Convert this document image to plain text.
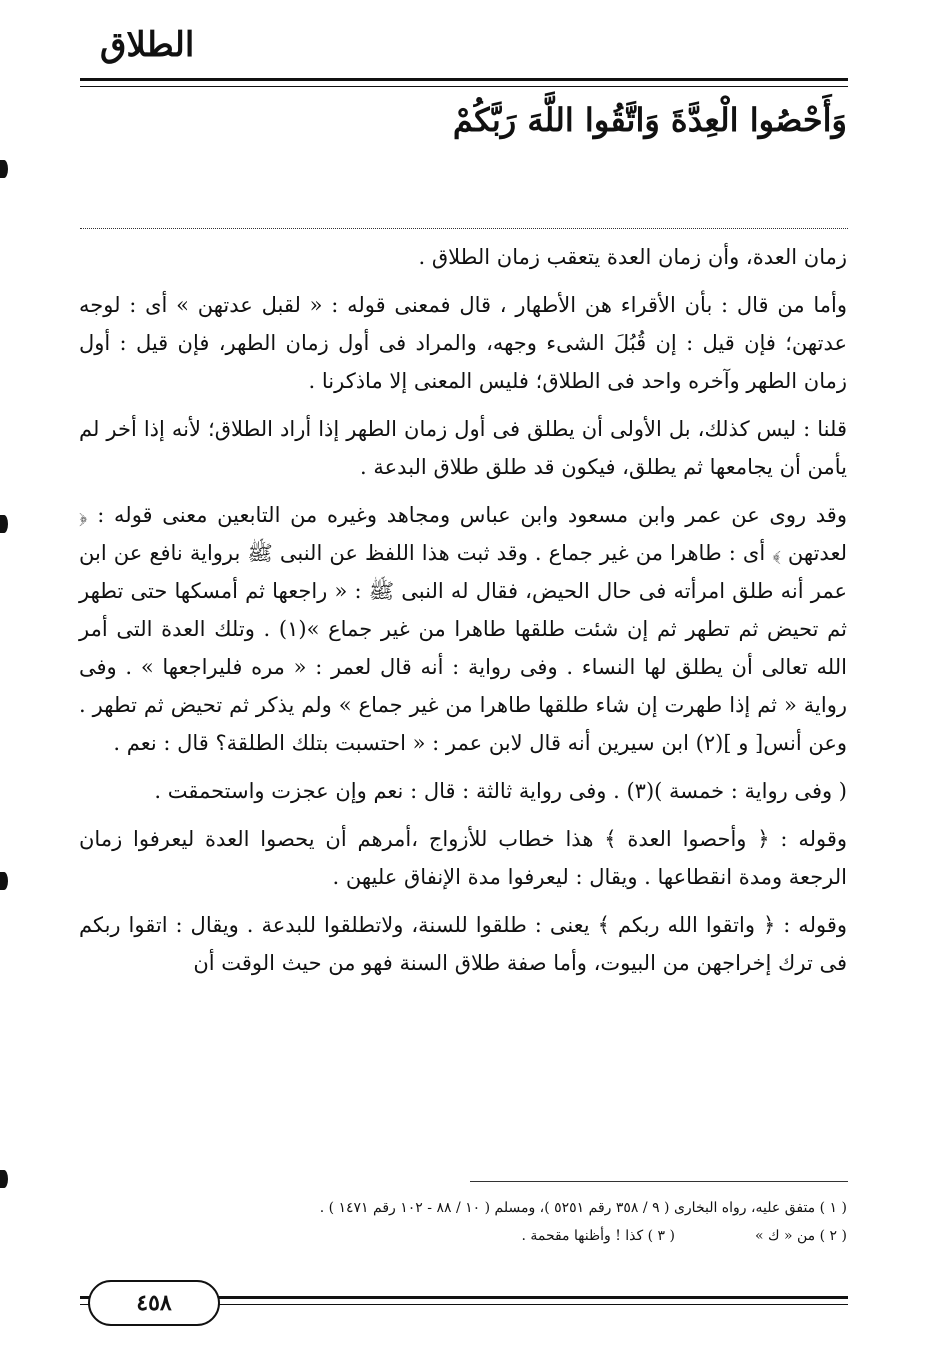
الطلاق
وَأَحْصُوا الْعِدَّةَ وَاتَّقُوا اللَّهَ رَبَّكُمْ

زمان العدة، وأن زمان العدة يتعقب زمان الطلاق .

وأما من قال : بأن الأقراء هن الأطهار ، قال فمعنى قوله : « لقبل عدتهن » أى : لوجه عدتهن؛ فإن قيل : إن قُبُلَ الشىء وجهه، والمراد فى أول زمان الطهر، فإن قيل : أول زمان الطهر وآخره واحد فى الطلاق؛ فليس المعنى إلا ماذكرنا .

قلنا : ليس كذلك، بل الأولى أن يطلق فى أول زمان الطهر إذا أراد الطلاق؛ لأنه إذا أخر لم يأمن أن يجامعها ثم يطلق، فيكون قد طلق طلاق البدعة .

وقد روى عن عمر وابن مسعود وابن عباس ومجاهد وغيره من التابعين معنى قوله : ﴿ لعدتهن ﴾ أى : طاهرا من غير جماع . وقد ثبت هذا اللفظ عن النبى ﷺ برواية نافع عن ابن عمر أنه طلق امرأته فى حال الحيض، فقال له النبى ﷺ : « راجعها ثم أمسكها حتى تطهر ثم تحيض ثم تطهر ثم إن شئت طلقها طاهرا من غير جماع »(١) . وتلك العدة التى أمر الله تعالى أن يطلق لها النساء . وفى رواية : أنه قال لعمر : « مره فليراجعها » . وفى رواية « ثم إذا طهرت إن شاء طلقها طاهرا من غير جماع » ولم يذكر ثم تحيض ثم تطهر . وعن أنس[ و ](٢) ابن سيرين أنه قال لابن عمر : « احتسبت بتلك الطلقة؟ قال : نعم .

( وفى رواية : خمسة )(٣) . وفى رواية ثالثة : قال : نعم وإن عجزت واستحمقت .

وقوله : ﴿ وأحصوا العدة ﴾ هذا خطاب للأزواج ،أمرهم أن يحصوا العدة ليعرفوا زمان الرجعة ومدة انقطاعها . ويقال : ليعرفوا مدة الإنفاق عليهن .

وقوله : ﴿ واتقوا الله ربكم ﴾ يعنى : طلقوا للسنة، ولاتطلقوا للبدعة . ويقال : اتقوا ربكم فى ترك إخراجهن من البيوت، وأما صفة طلاق السنة فهو من حيث الوقت أن

( ١ ) متفق عليه، رواه البخارى ( ٩ / ٣٥٨ رقم ٥٢٥١ )، ومسلم ( ١٠ / ٨٨ - ١٠٢ رقم ١٤٧١ ) .

( ٢ ) من « ك »

( ٣ ) كذا ! وأظنها مقحمة .

٤٥٨
